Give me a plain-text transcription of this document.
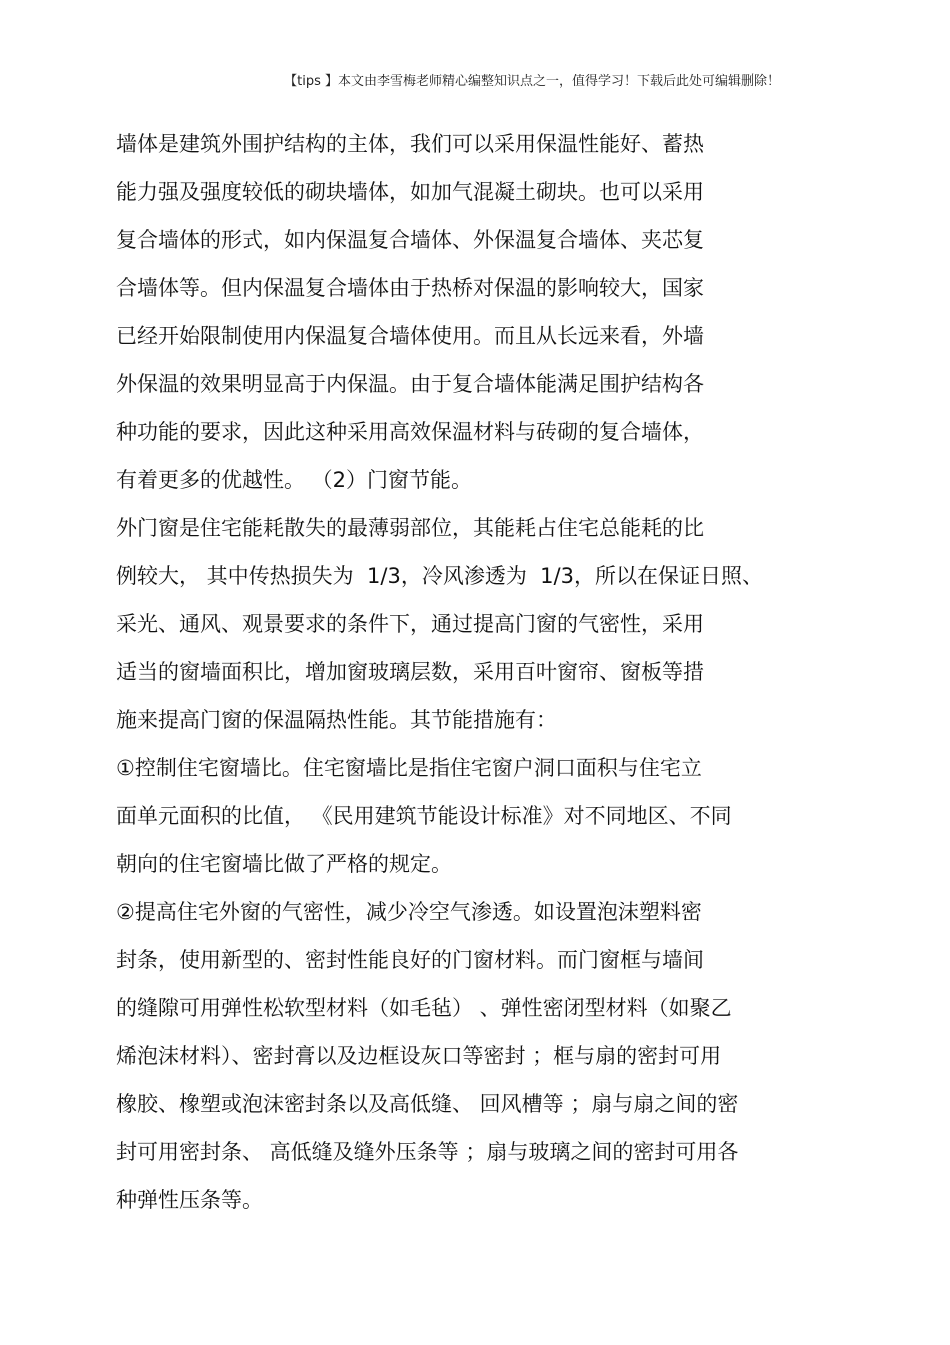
【tips 】本文由李雪梅老师精心编整知识点之一，值得学习！下载后此处可编辑删除！
墙体是建筑外围护结构的主体，我们可以采用保温性能好、蓄热
能力强及强度较低的砌块墙体，如加气混凝土砌块。也可以采用
复合墙体的形式，如内保温复合墙体、外保温复合墙体、夹芯复
合墙体等。但内保温复合墙体由于热桥对保温的影响较大，国家
已经开始限制使用内保温复合墙体使用。而且从长远来看，外墙
外保温的效果明显高于内保温。由于复合墙体能满足围护结构各
种功能的要求，因此这种采用高效保温材料与砖砌的复合墙体，
有着更多的优越性。 （2）门窗节能。
外门窗是住宅能耗散失的最薄弱部位，其能耗占住宅总能耗的比
例较大， 其中传热损失为  1/3，冷风渗透为  1/3，所以在保证日照、
采光、通风、观景要求的条件下，通过提高门窗的气密性，采用
适当的窗墙面积比，增加窗玻璃层数，采用百叶窗帘、窗板等措
施来提高门窗的保温隔热性能。其节能措施有：
①控制住宅窗墙比。住宅窗墙比是指住宅窗户洞口面积与住宅立
面单元面积的比值， 《民用建筑节能设计标准》对不同地区、不同
朝向的住宅窗墙比做了严格的规定。
②提高住宅外窗的气密性，减少冷空气渗透。如设置泡沫塑料密
封条，使用新型的、密封性能良好的门窗材料。而门窗框与墙间
的缝隙可用弹性松软型材料（如毛毡） 、弹性密闭型材料（如聚乙
烯泡沫材料）、密封膏以及边框设灰口等密封 ；框与扇的密封可用
橡胶、橡塑或泡沫密封条以及高低缝、 回风槽等 ；扇与扇之间的密
封可用密封条、 高低缝及缝外压条等 ；扇与玻璃之间的密封可用各
种弹性压条等。
